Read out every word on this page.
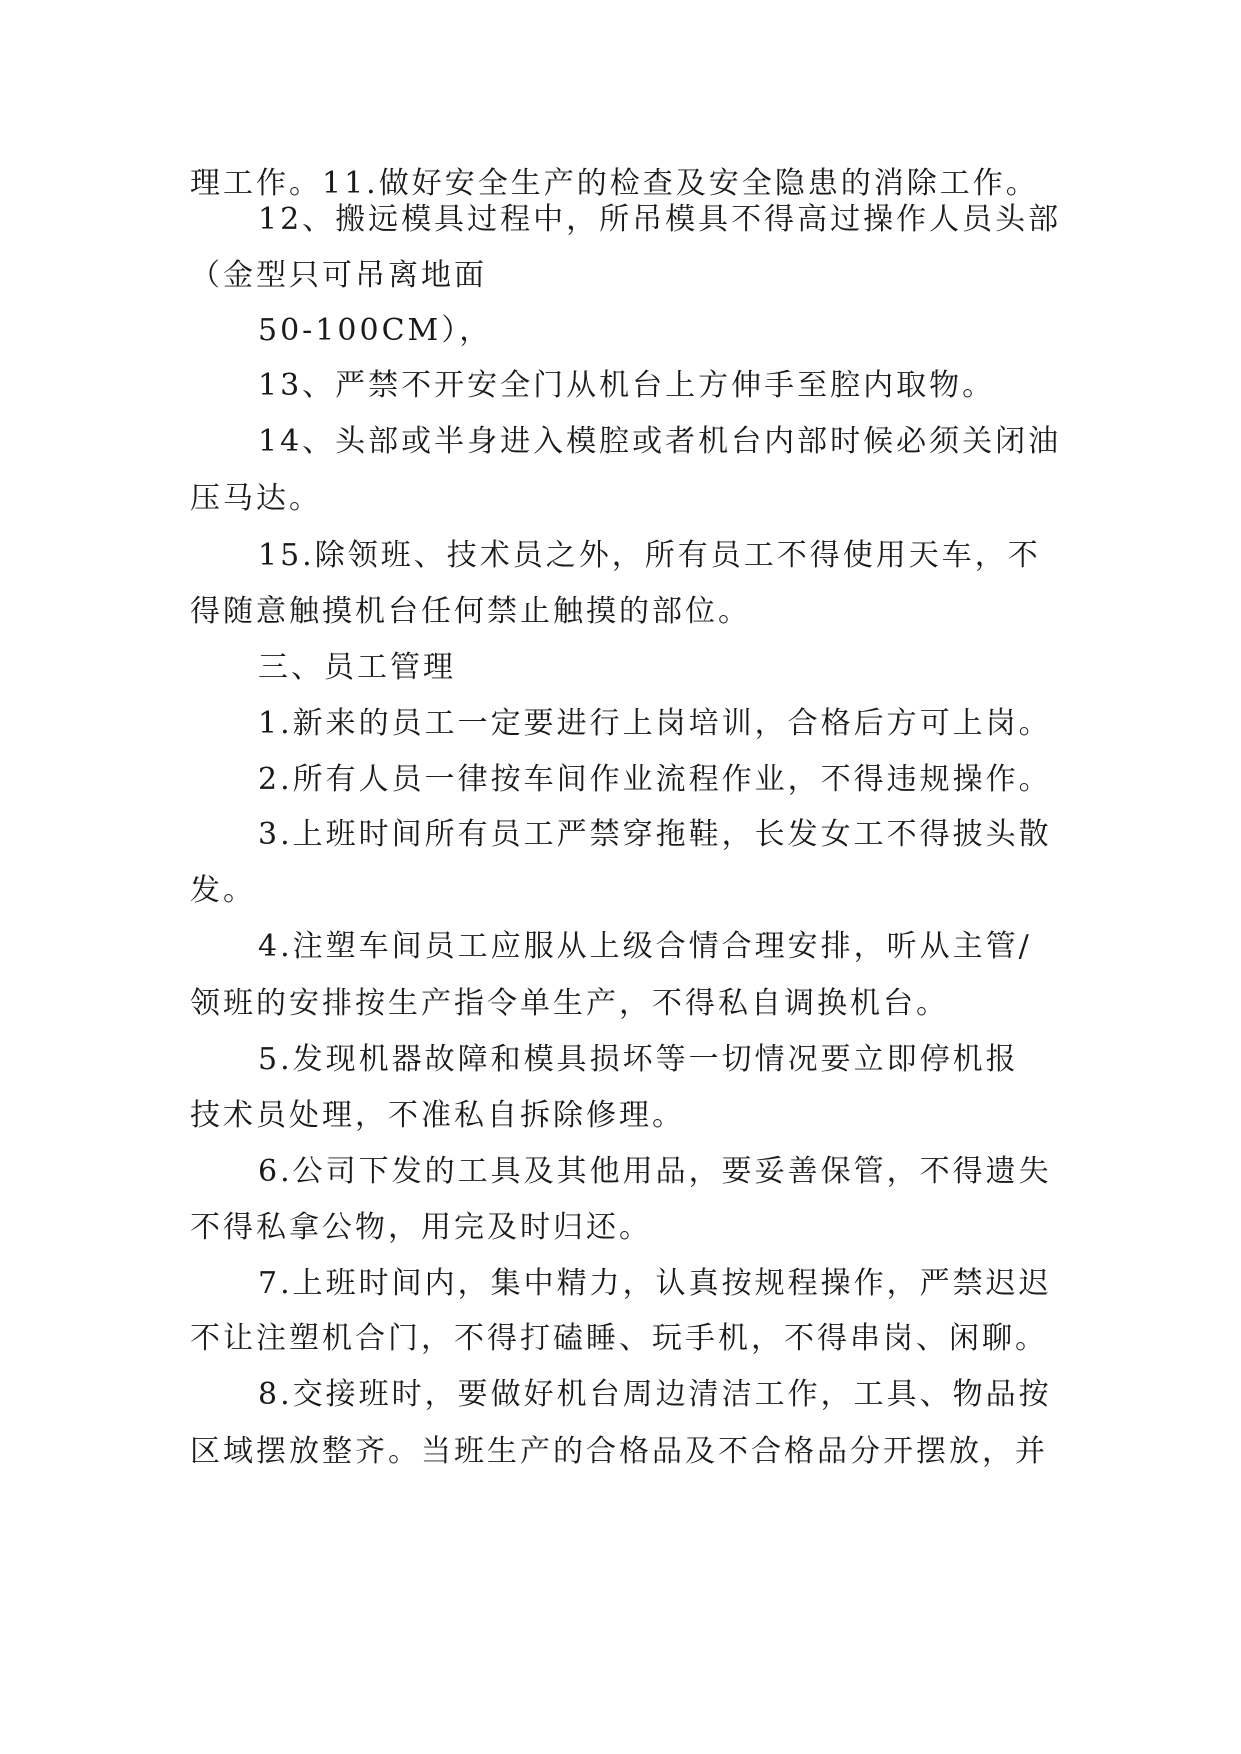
理工作。11.做好安全生产的检查及安全隐患的消除工作。
12、搬远模具过程中，所吊模具不得高过操作人员头部
（金型只可吊离地面
50-100CM），
13、严禁不开安全门从机台上方伸手至腔内取物。
14、头部或半身进入模腔或者机台内部时候必须关闭油
压马达。
15.除领班、技术员之外，所有员工不得使用天车，不
得随意触摸机台任何禁止触摸的部位。
三、员工管理
1.新来的员工一定要进行上岗培训，合格后方可上岗。
2.所有人员一律按车间作业流程作业，不得违规操作。
3.上班时间所有员工严禁穿拖鞋，长发女工不得披头散
发。
4.注塑车间员工应服从上级合情合理安排，听从主管/
领班的安排按生产指令单生产，不得私自调换机台。
5.发现机器故障和模具损坏等一切情况要立即停机报
技术员处理，不准私自拆除修理。
6.公司下发的工具及其他用品，要妥善保管，不得遗失
不得私拿公物，用完及时归还。
7.上班时间内，集中精力，认真按规程操作，严禁迟迟
不让注塑机合门，不得打磕睡、玩手机，不得串岗、闲聊。
8.交接班时，要做好机台周边清洁工作，工具、物品按
区域摆放整齐。当班生产的合格品及不合格品分开摆放，并
